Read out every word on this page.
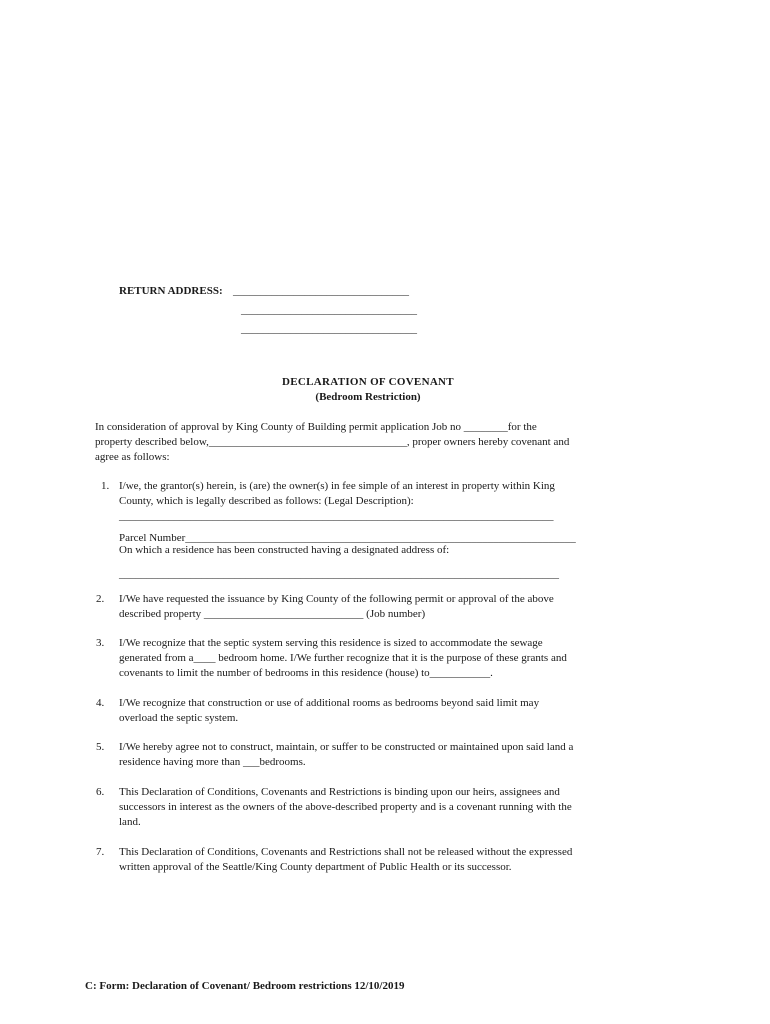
RETURN ADDRESS: ________________________________
________________________________
________________________________
DECLARATION OF COVENANT
(Bedroom Restriction)
In consideration of approval by King County of Building permit application Job no ________for the
property described below,____________________________________, proper owners hereby covenant and
agree as follows:
1. I/we, the grantor(s) herein, is (are) the owner(s) in fee simple of an interest in property within King
County, which is legally described as follows: (Legal Description):
_______________________________________________________________________________
Parcel Number_______________________________________________________________________
On which a residence has been constructed having a designated address of:
________________________________________________________________________________
2. I/We have requested the issuance by King County of the following permit or approval of the above
described property _____________________________ (Job number)
3. I/We recognize that the septic system serving this residence is sized to accommodate the sewage
generated from a____ bedroom home. I/We further recognize that it is the purpose of these grants and
covenants to limit the number of bedrooms in this residence (house) to___________.
4. I/We recognize that construction or use of additional rooms as bedrooms beyond said limit may
overload the septic system.
5. I/We hereby agree not to construct, maintain, or suffer to be constructed or maintained upon said land a
residence having more than ___bedrooms.
6. This Declaration of Conditions, Covenants and Restrictions is binding upon our heirs, assignees and
successors in interest as the owners of the above-described property and is a covenant running with the
land.
7. This Declaration of Conditions, Covenants and Restrictions shall not be released without the expressed
written approval of the Seattle/King County department of Public Health or its successor.
C: Form: Declaration of Covenant/ Bedroom restrictions 12/10/2019
